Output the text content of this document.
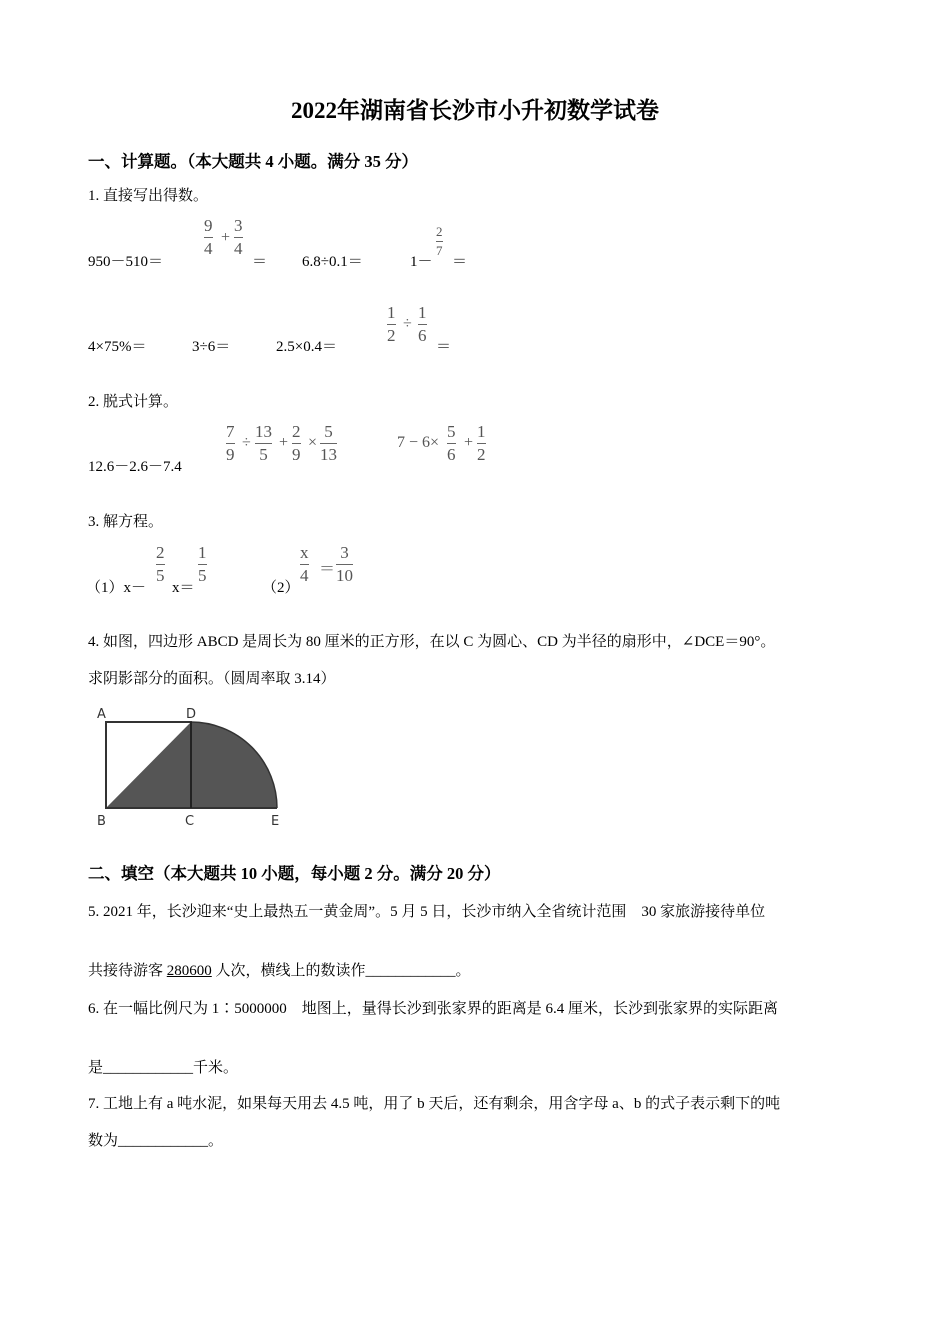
2022年湖南省长沙市小升初数学试卷
一、计算题。（本大题共 4 小题。满分 35 分）
1. 直接写出得数。
950－510＝
9
4
+
3
4
＝ 6.8÷0.1＝	1－
2
7
＝
4×75%＝	3÷6＝	2.5×0.4＝
1
2
÷
1
6
＝
2. 脱式计算。
12.6－2.6－7.4
7
9
÷
13
5
+
2
9
×
5
13
7 − 6×
5
6
+
1
2
3. 解方程。
（1）x－
2
5
x＝
1
5
（2）
x
4 ＝
3
10
4. 如图，四边形 ABCD 是周长为 80 厘米的正方形，在以 C 为圆心、CD 为半径的扇形中，∠DCE＝90°。
求阴影部分的面积。（圆周率取 3.14）
A	D
B	C	E
二、填空（本大题共 10 小题，每小题 2 分。满分 20 分）
5. 2021 年，长沙迎来“史上最热五一黄金周”。5 月 5 日，长沙市纳入全省统计范围　30 家旅游接待单位
共接待游客 280600 人次，横线上的数读作____________。
6. 在一幅比例尺为 1∶5000000　地图上，量得长沙到张家界的距离是 6.4 厘米，长沙到张家界的实际距离
是____________千米。
7. 工地上有 a 吨水泥，如果每天用去 4.5 吨，用了 b 天后，还有剩余，用含字母 a、b 的式子表示剩下的吨
数为____________。
